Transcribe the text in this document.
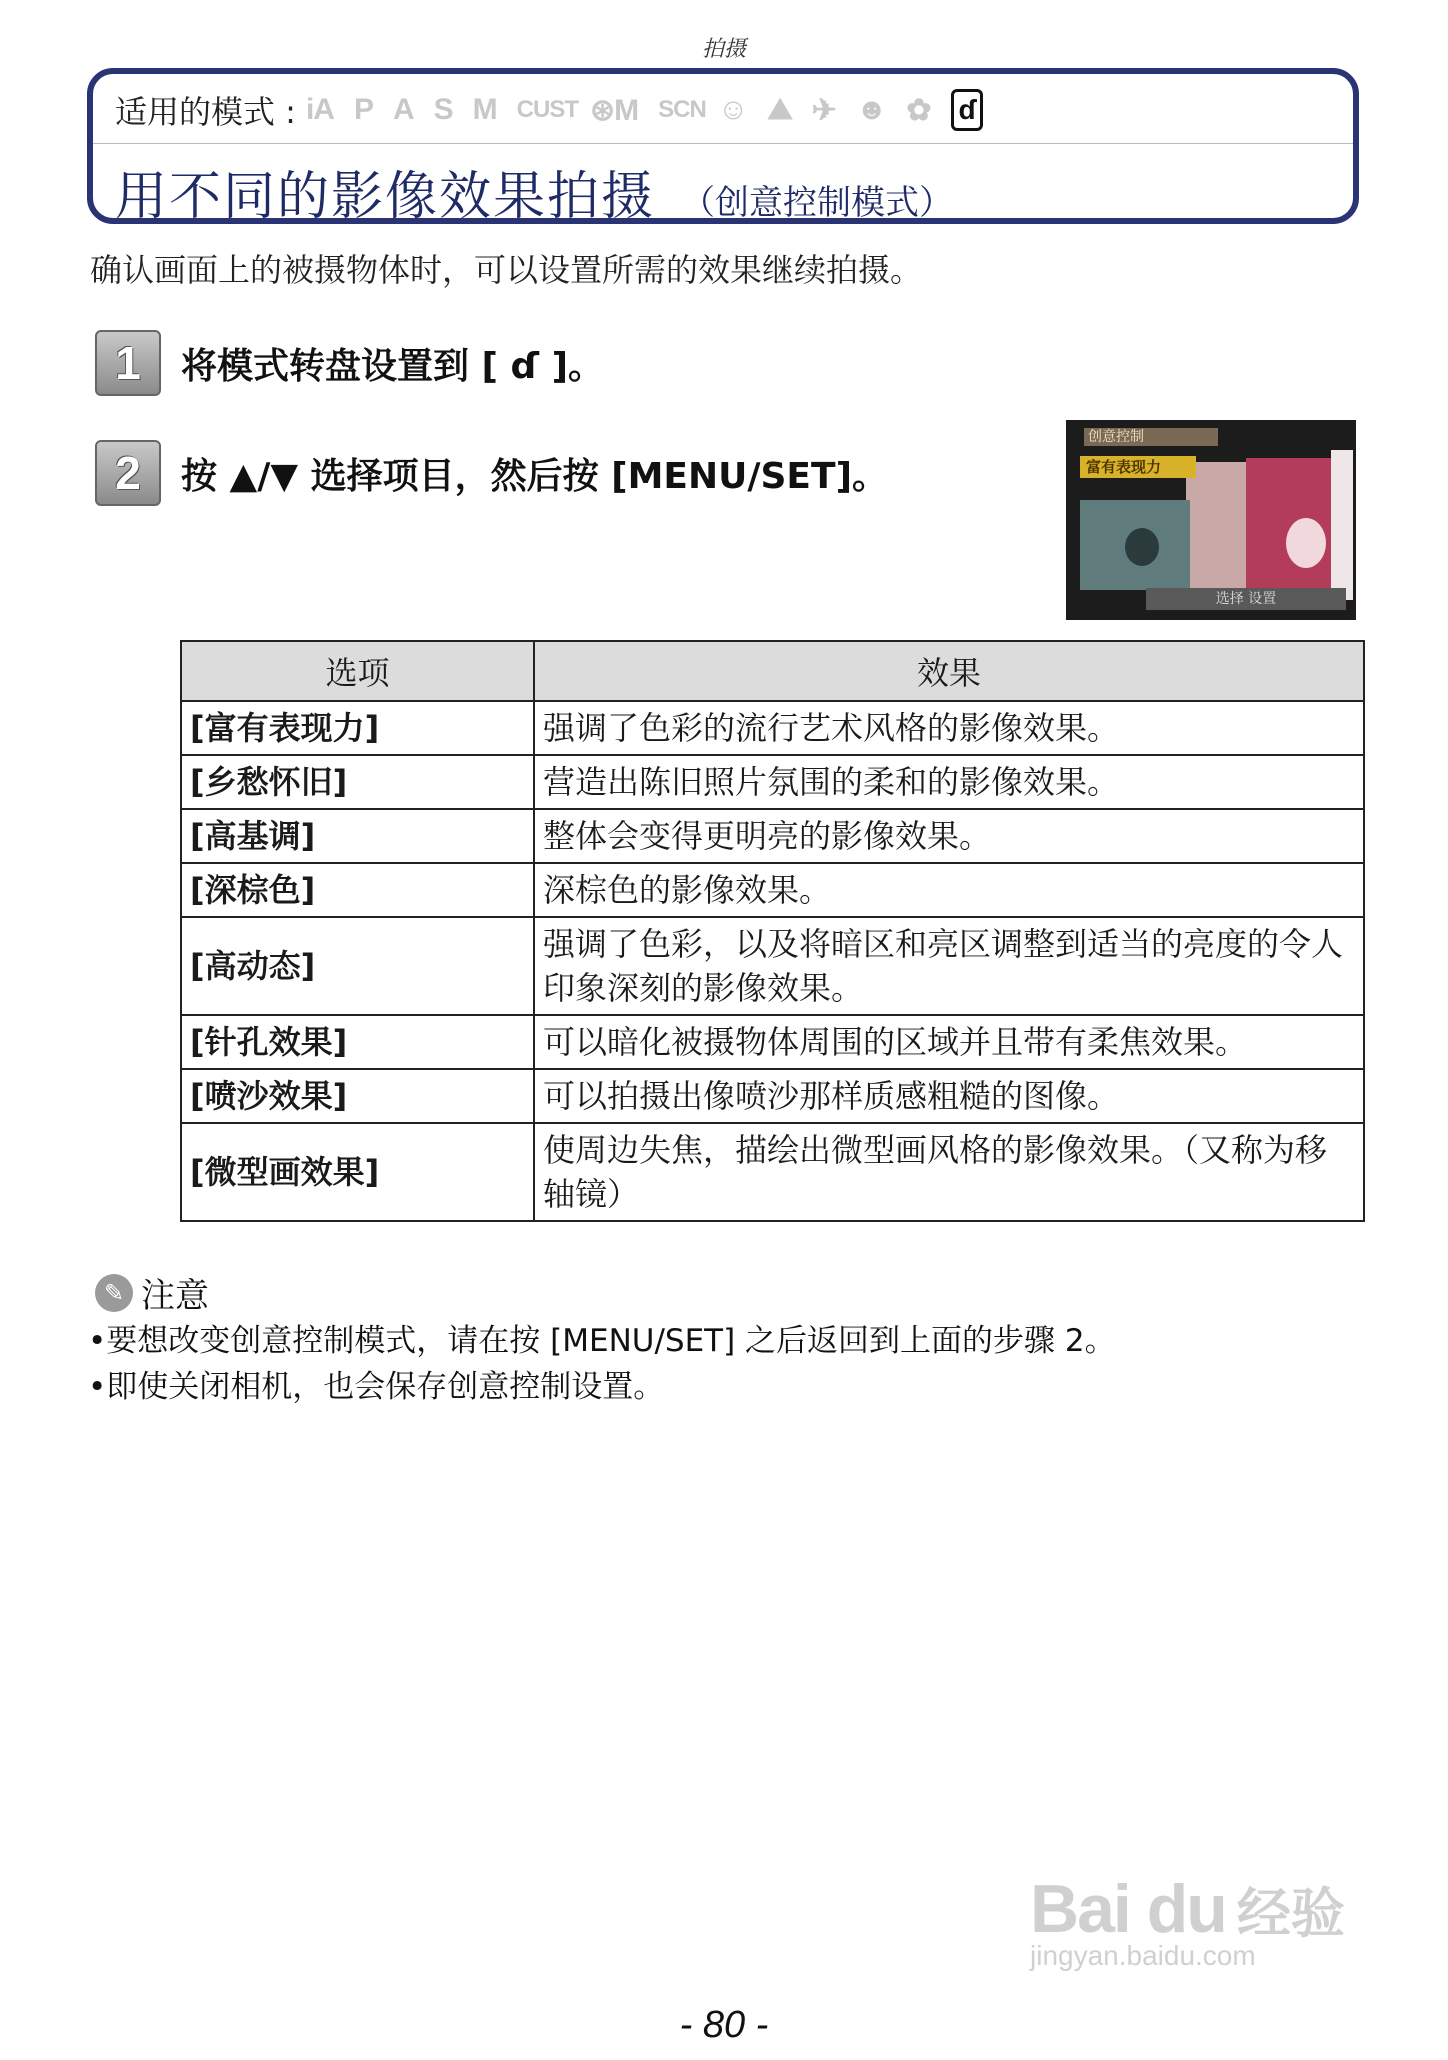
拍摄
适用的模式 : iA P A S M CUST ⊛M SCN ☺ ⛰ ✈ ☻ ✿ ɗ
用不同的影像效果拍摄 （创意控制模式）
确认画面上的被摄物体时，可以设置所需的效果继续拍摄。
1	将模式转盘设置到 [ ɗ ]。
2	按 ▲/▼ 选择项目，然后按 [MENU/SET]。
创意控制
富有表现力
选择 设置
选项	效果
[富有表现力]	强调了色彩的流行艺术风格的影像效果。
[乡愁怀旧]	营造出陈旧照片氛围的柔和的影像效果。
[高基调]	整体会变得更明亮的影像效果。
[深棕色]	深棕色的影像效果。
[高动态]	强调了色彩，以及将暗区和亮区调整到适当的亮度的令人印象深刻的影像效果。
[针孔效果]	可以暗化被摄物体周围的区域并且带有柔焦效果。
[喷沙效果]	可以拍摄出像喷沙那样质感粗糙的图像。
[微型画效果]	使周边失焦，描绘出微型画风格的影像效果。（又称为移轴镜）
✎ 注意
•要想改变创意控制模式，请在按 [MENU/SET] 之后返回到上面的步骤 2。
•即使关闭相机，也会保存创意控制设置。
Bai du 经验
jingyan.baidu.com
- 80 -
